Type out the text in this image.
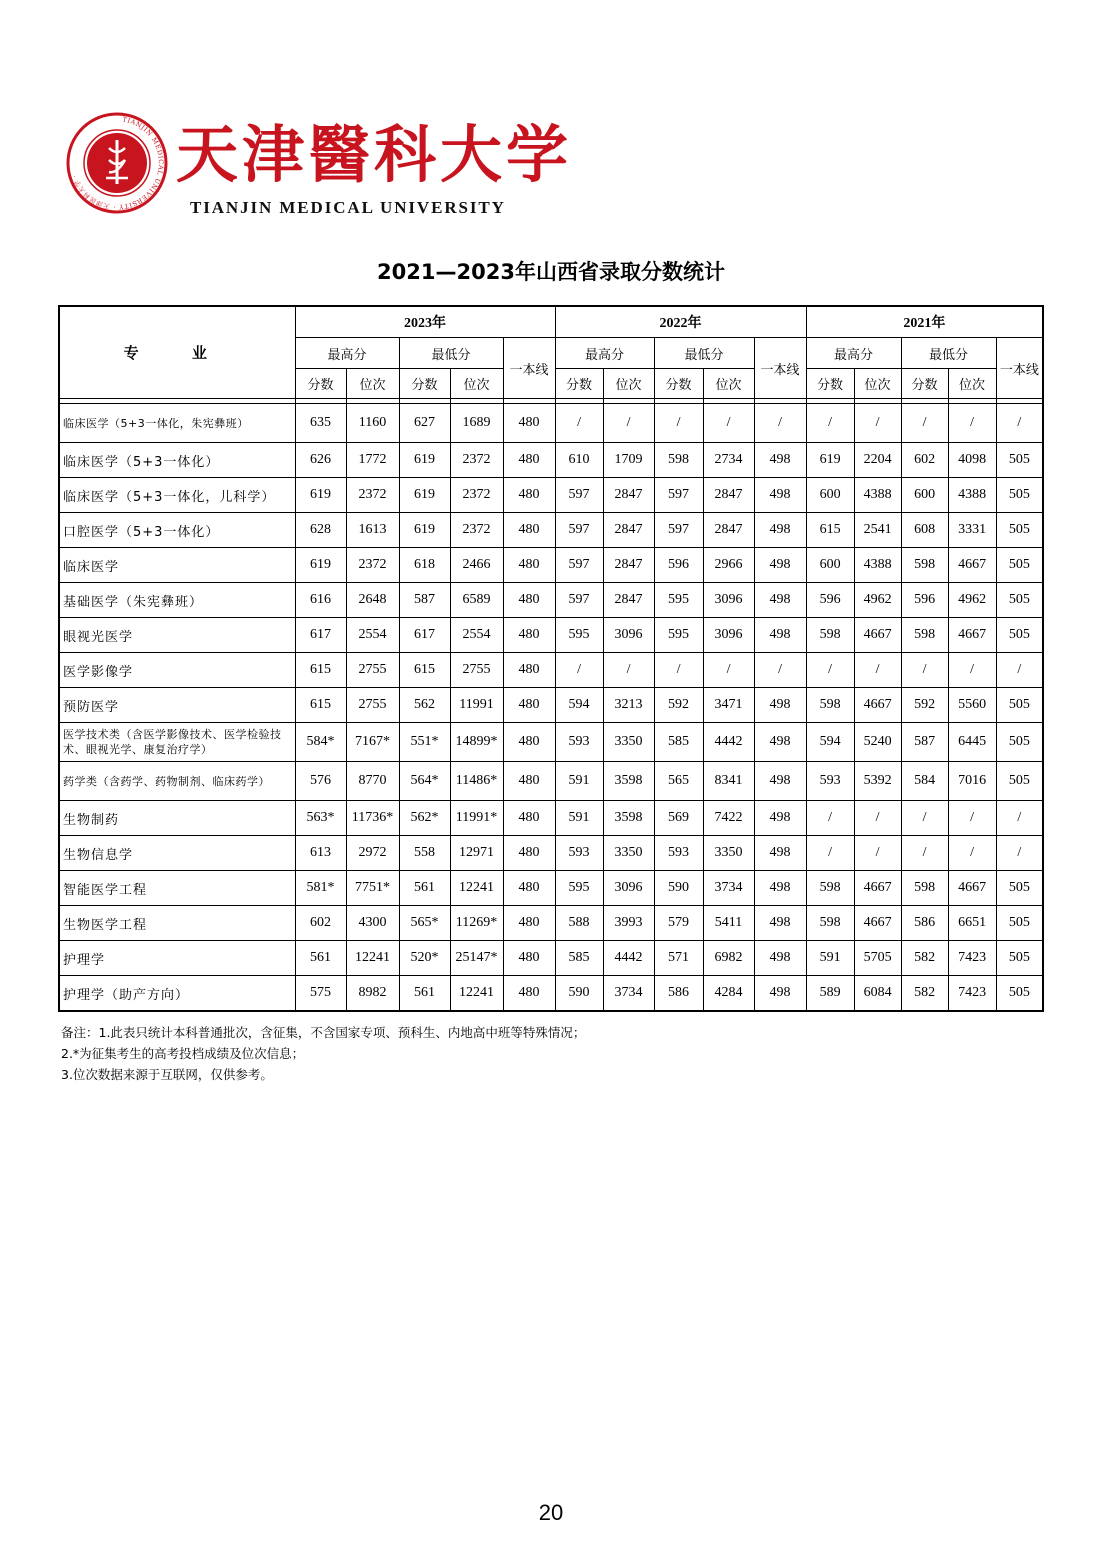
1951
TIANJIN MEDICAL UNIVERSITY · 天津医科大学 ·	天津醫科大学
TIANJIN MEDICAL UNIVERSITY
2021—2023年山西省录取分数统计
专 业	2023年					2022年					2021年				
	最高分		最低分		一本线	最高分		最低分		一本线	最高分		最低分		一本线
	分数	位次	分数	位次		分数	位次	分数	位次		分数	位次	分数	位次	

临床医学（5+3一体化，朱宪彝班）	635	1160	627	1689	480	/	/	/	/	/	/	/	/	/	/
临床医学（5+3一体化）	626	1772	619	2372	480	610	1709	598	2734	498	619	2204	602	4098	505
临床医学（5+3一体化，儿科学）	619	2372	619	2372	480	597	2847	597	2847	498	600	4388	600	4388	505
口腔医学（5+3一体化）	628	1613	619	2372	480	597	2847	597	2847	498	615	2541	608	3331	505
临床医学	619	2372	618	2466	480	597	2847	596	2966	498	600	4388	598	4667	505
基础医学（朱宪彝班）	616	2648	587	6589	480	597	2847	595	3096	498	596	4962	596	4962	505
眼视光医学	617	2554	617	2554	480	595	3096	595	3096	498	598	4667	598	4667	505
医学影像学	615	2755	615	2755	480	/	/	/	/	/	/	/	/	/	/
预防医学	615	2755	562	11991	480	594	3213	592	3471	498	598	4667	592	5560	505
医学技术类（含医学影像技术、医学检验技术、眼视光学、康复治疗学）	584*	7167*	551*	14899*	480	593	3350	585	4442	498	594	5240	587	6445	505
药学类（含药学、药物制剂、临床药学）	576	8770	564*	11486*	480	591	3598	565	8341	498	593	5392	584	7016	505
生物制药	563*	11736*	562*	11991*	480	591	3598	569	7422	498	/	/	/	/	/
生物信息学	613	2972	558	12971	480	593	3350	593	3350	498	/	/	/	/	/
智能医学工程	581*	7751*	561	12241	480	595	3096	590	3734	498	598	4667	598	4667	505
生物医学工程	602	4300	565*	11269*	480	588	3993	579	5411	498	598	4667	586	6651	505
护理学	561	12241	520*	25147*	480	585	4442	571	6982	498	591	5705	582	7423	505
护理学（助产方向）	575	8982	561	12241	480	590	3734	586	4284	498	589	6084	582	7423	505
备注：1.此表只统计本科普通批次，含征集，不含国家专项、预科生、内地高中班等特殊情况；
2.*为征集考生的高考投档成绩及位次信息；
3.位次数据来源于互联网，仅供参考。
20
